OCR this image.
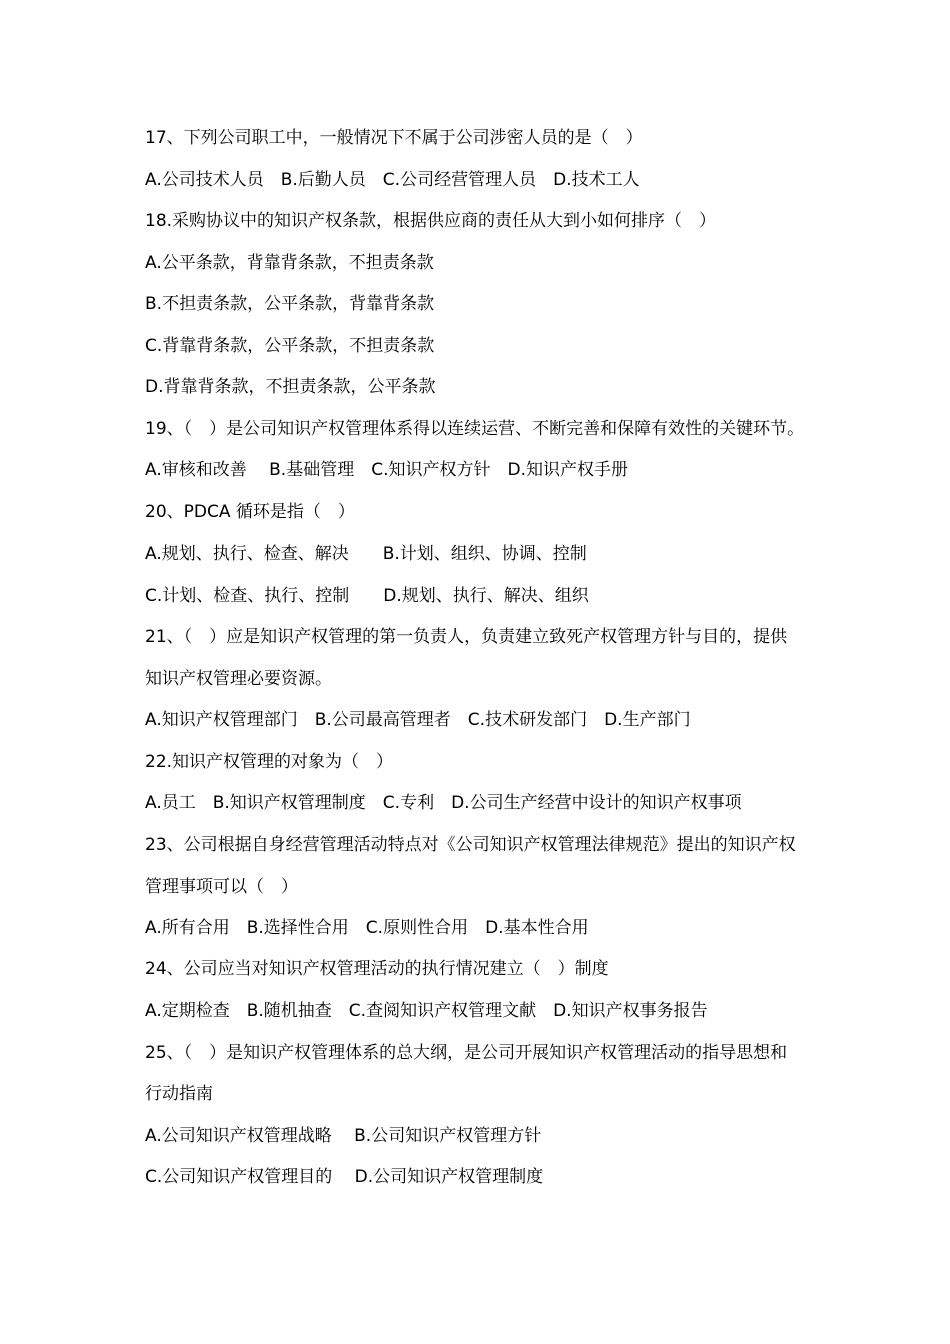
17、下列公司职工中，一般情况下不属于公司涉密人员的是（　）
A.公司技术人员　B.后勤人员　C.公司经营管理人员　D.技术工人
18.采购协议中的知识产权条款，根据供应商的责任从大到小如何排序（　）
A.公平条款，背靠背条款，不担责条款
B.不担责条款，公平条款，背靠背条款
C.背靠背条款，公平条款，不担责条款
D.背靠背条款，不担责条款，公平条款
19、（　）是公司知识产权管理体系得以连续运营、不断完善和保障有效性的关键环节。
A.审核和改善　 B.基础管理　C.知识产权方针　D.知识产权手册
20、PDCA 循环是指（　）
A.规划、执行、检查、解决　　B.计划、组织、协调、控制
C.计划、检查、执行、控制　　D.规划、执行、解决、组织
21、（　）应是知识产权管理的第一负责人，负责建立致死产权管理方针与目的，提供
知识产权管理必要资源。
A.知识产权管理部门　B.公司最高管理者　C.技术研发部门　D.生产部门
22.知识产权管理的对象为（　）
A.员工　B.知识产权管理制度　C.专利　D.公司生产经营中设计的知识产权事项
23、公司根据自身经营管理活动特点对《公司知识产权管理法律规范》提出的知识产权
管理事项可以（　）
A.所有合用　B.选择性合用　C.原则性合用　D.基本性合用
24、公司应当对知识产权管理活动的执行情况建立（　）制度
A.定期检查　B.随机抽查　C.查阅知识产权管理文献　D.知识产权事务报告
25、（　）是知识产权管理体系的总大纲，是公司开展知识产权管理活动的指导思想和
行动指南
A.公司知识产权管理战略　 B.公司知识产权管理方针
C.公司知识产权管理目的　 D.公司知识产权管理制度
